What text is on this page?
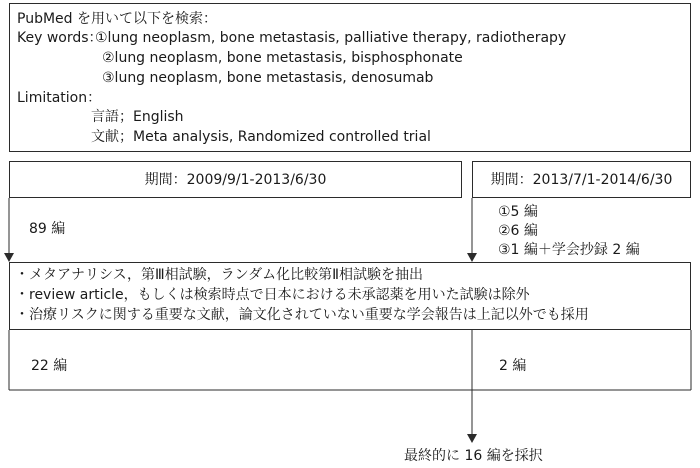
PubMed を用いて以下を検索：
Key words：
①lung neoplasm, bone metastasis, palliative therapy, radiotherapy
②lung neoplasm, bone metastasis, bisphosphonate
③lung neoplasm, bone metastasis, denosumab
Limitation：
言語；English
文献；Meta analysis, Randomized controlled trial
期間：2009/9/1-2013/6/30	期間：2013/7/1-2014/6/30
89 編
①5 編
②6 編
③1 編＋学会抄録 2 編
・メタアナリシス，第Ⅲ相試験，ランダム化比較第Ⅱ相試験を抽出
・review article，もしくは検索時点で日本における未承認薬を用いた試験は除外
・治療リスクに関する重要な文献，論文化されていない重要な学会報告は上記以外でも採用
22 編	2 編
最終的に 16 編を採択
